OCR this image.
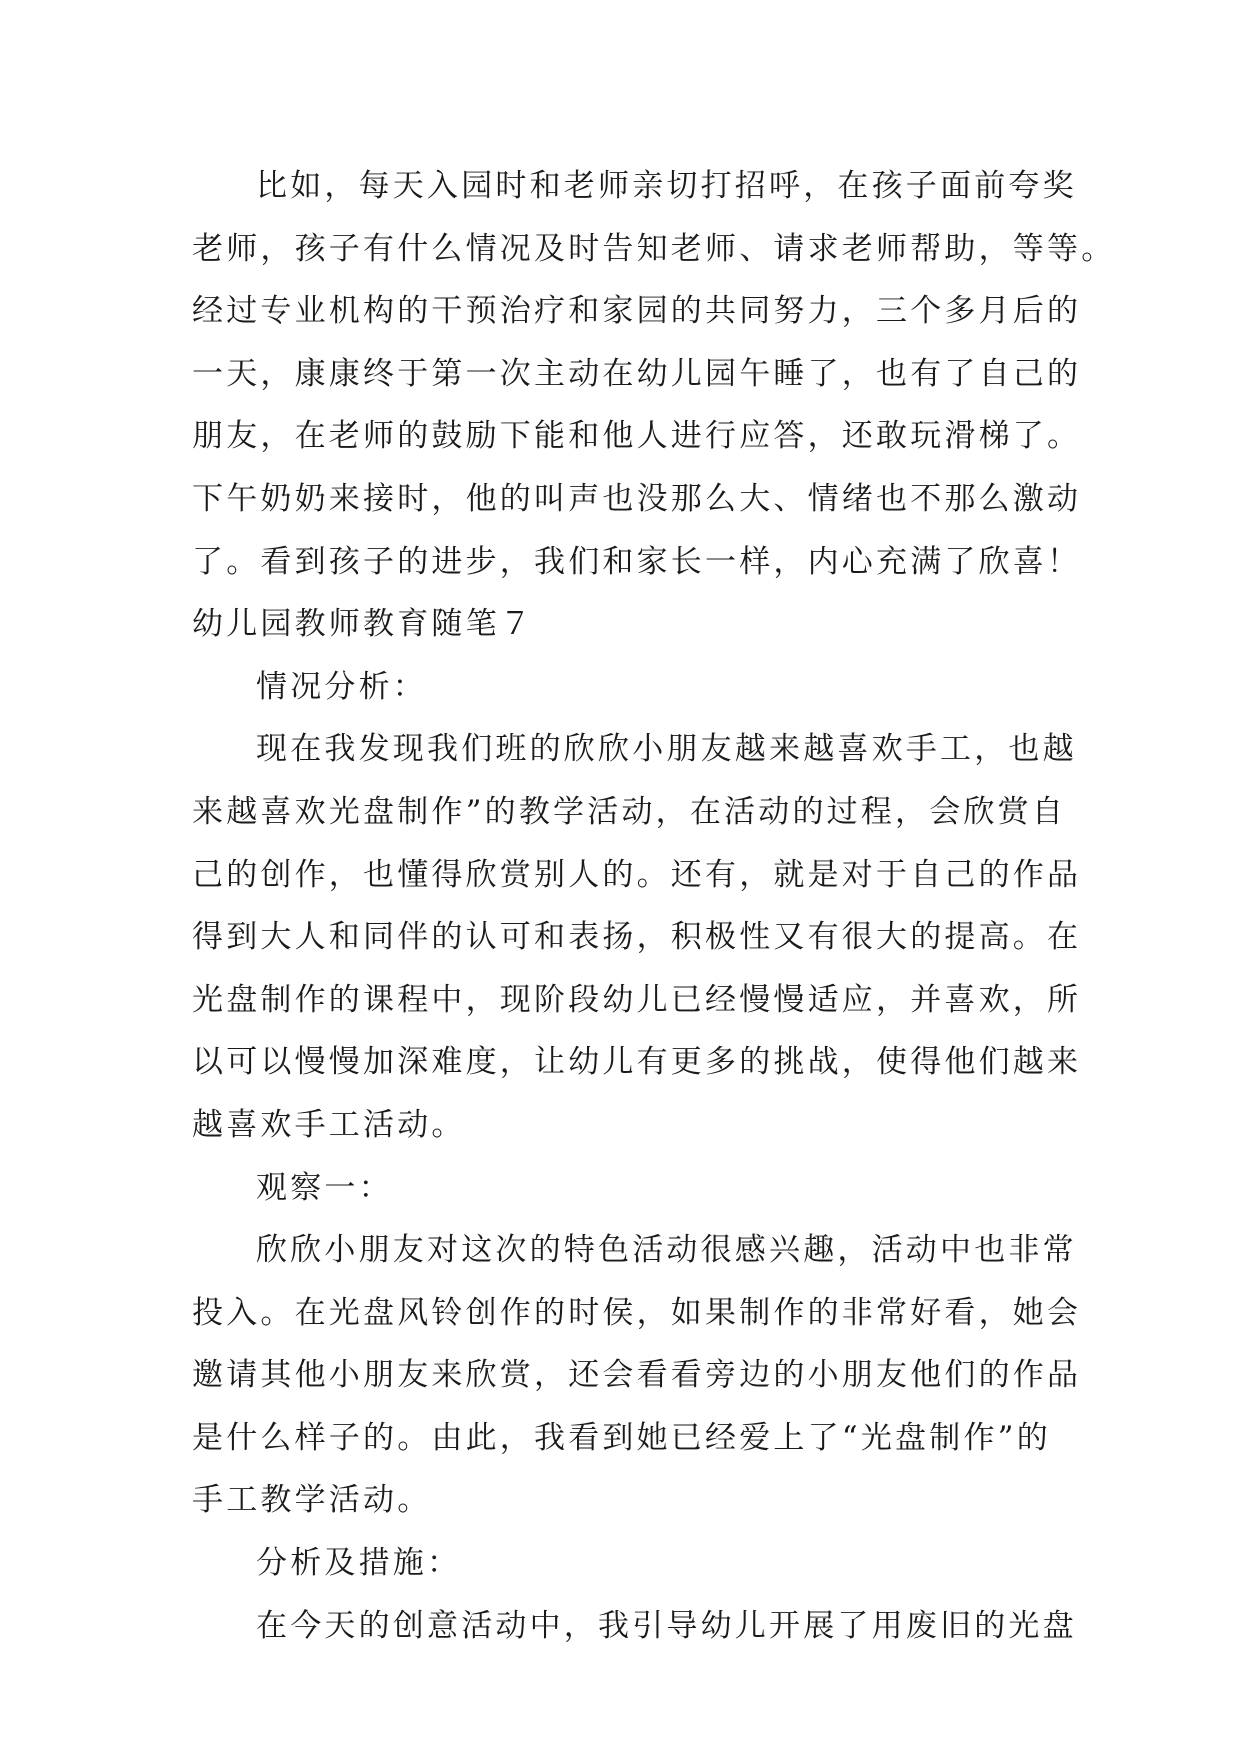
比如，每天入园时和老师亲切打招呼，在孩子面前夸奖
老师，孩子有什么情况及时告知老师、请求老师帮助，等等。
经过专业机构的干预治疗和家园的共同努力，三个多月后的
一天，康康终于第一次主动在幼儿园午睡了，也有了自己的
朋友，在老师的鼓励下能和他人进行应答，还敢玩滑梯了。
下午奶奶来接时，他的叫声也没那么大、情绪也不那么激动
了。看到孩子的进步，我们和家长一样，内心充满了欣喜！
幼儿园教师教育随笔７
情况分析：
现在我发现我们班的欣欣小朋友越来越喜欢手工，也越
来越喜欢光盘制作”的教学活动，在活动的过程，会欣赏自
己的创作，也懂得欣赏别人的。还有，就是对于自己的作品
得到大人和同伴的认可和表扬，积极性又有很大的提高。在
光盘制作的课程中，现阶段幼儿已经慢慢适应，并喜欢，所
以可以慢慢加深难度，让幼儿有更多的挑战，使得他们越来
越喜欢手工活动。
观察一：
欣欣小朋友对这次的特色活动很感兴趣，活动中也非常
投入。在光盘风铃创作的时侯，如果制作的非常好看，她会
邀请其他小朋友来欣赏，还会看看旁边的小朋友他们的作品
是什么样子的。由此，我看到她已经爱上了“光盘制作”的
手工教学活动。
分析及措施：
在今天的创意活动中，我引导幼儿开展了用废旧的光盘
